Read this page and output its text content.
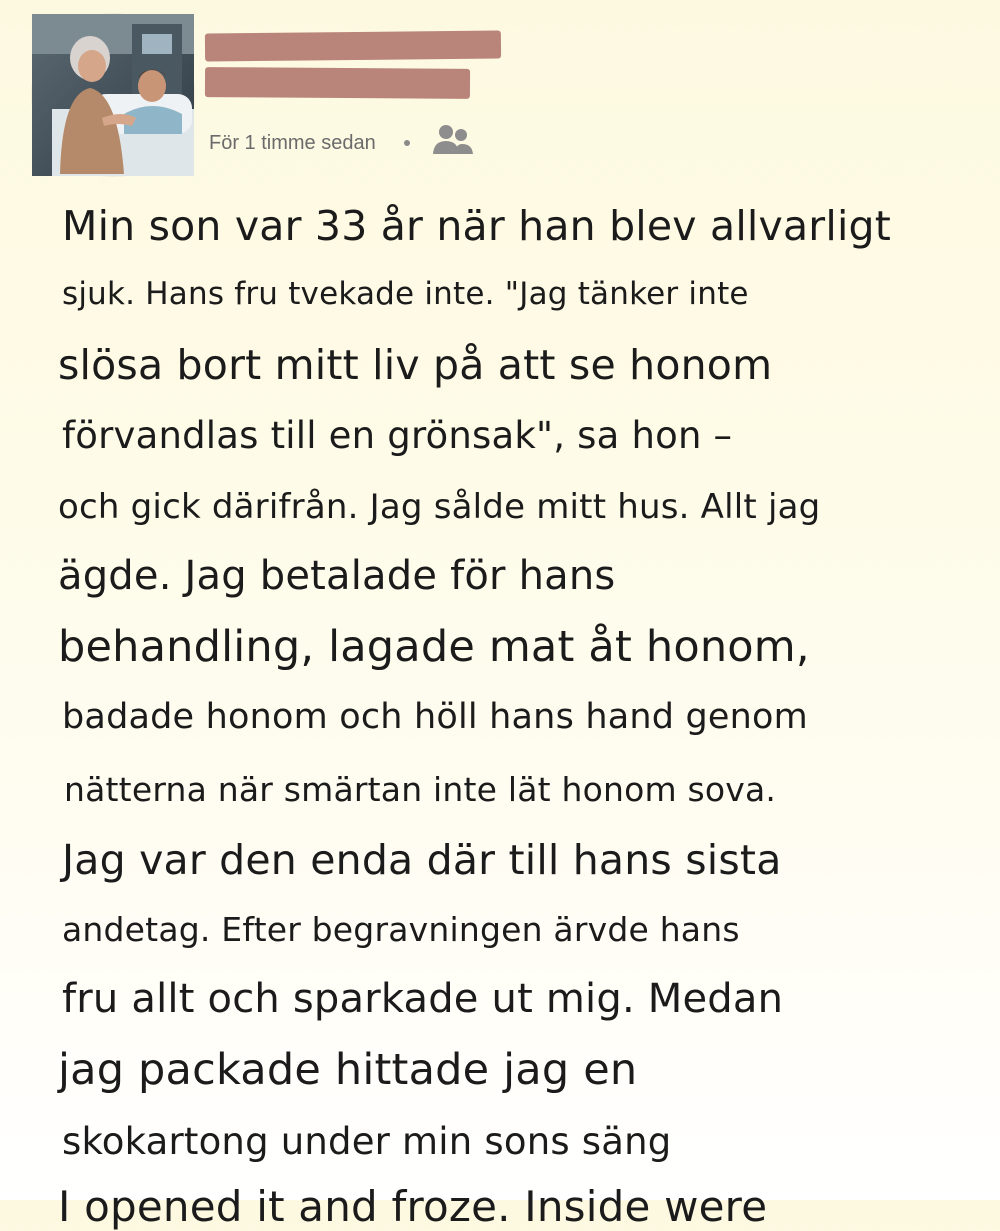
För 1 timme sedan
Min son var 33 år när han blev allvarligt
sjuk. Hans fru tvekade inte. "Jag tänker inte
slösa bort mitt liv på att se honom
förvandlas till en grönsak", sa hon –
och gick därifrån. Jag sålde mitt hus. Allt jag
ägde. Jag betalade för hans
behandling, lagade mat åt honom,
badade honom och höll hans hand genom
nätterna när smärtan inte lät honom sova.
Jag var den enda där till hans sista
andetag. Efter begravningen ärvde hans
fru allt och sparkade ut mig. Medan
jag packade hittade jag en
skokartong under min sons säng
I opened it and froze. Inside were
